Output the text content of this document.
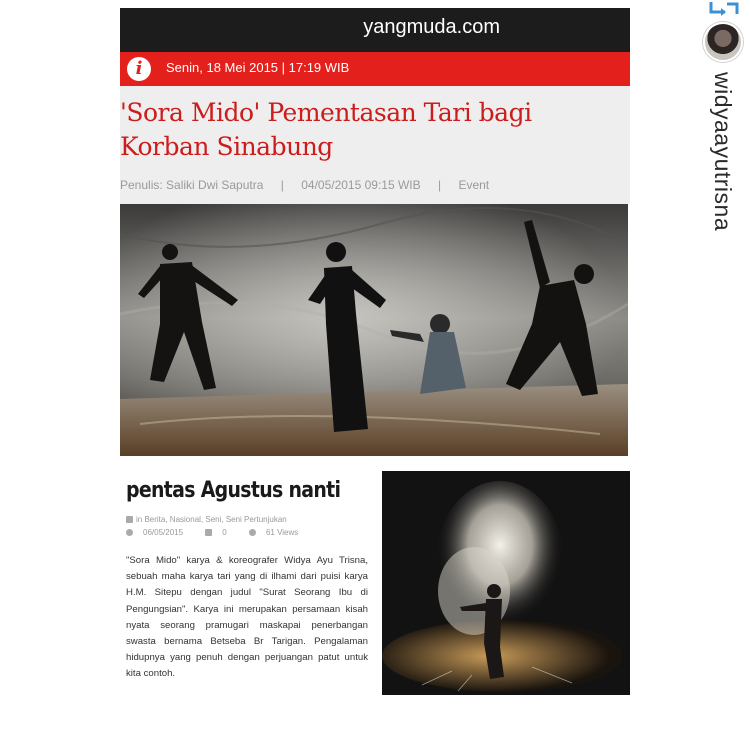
widyaayutrisna
yangmuda.com
i	Senin, 18 Mei 2015 | 17:19 WIB
'Sora Mido' Pementasan Tari bagi Korban Sinabung
Penulis: Saliki Dwi Saputra | 04/05/2015 09:15 WIB | Event
pentas Agustus nanti
in Berita, Nasional, Seni, Seni Pertunjukan
06/05/2015	0	61 Views
"Sora Mido" karya & koreografer Widya Ayu Trisna, sebuah maha karya tari yang di ilhami dari puisi karya H.M. Sitepu dengan judul "Surat Seorang Ibu di Pengungsian". Karya ini merupakan persamaan kisah nyata seorang pramugari maskapai penerbangan swasta bernama Betseba Br Tarigan. Pengalaman hidupnya yang penuh dengan perjuangan patut untuk kita contoh.
